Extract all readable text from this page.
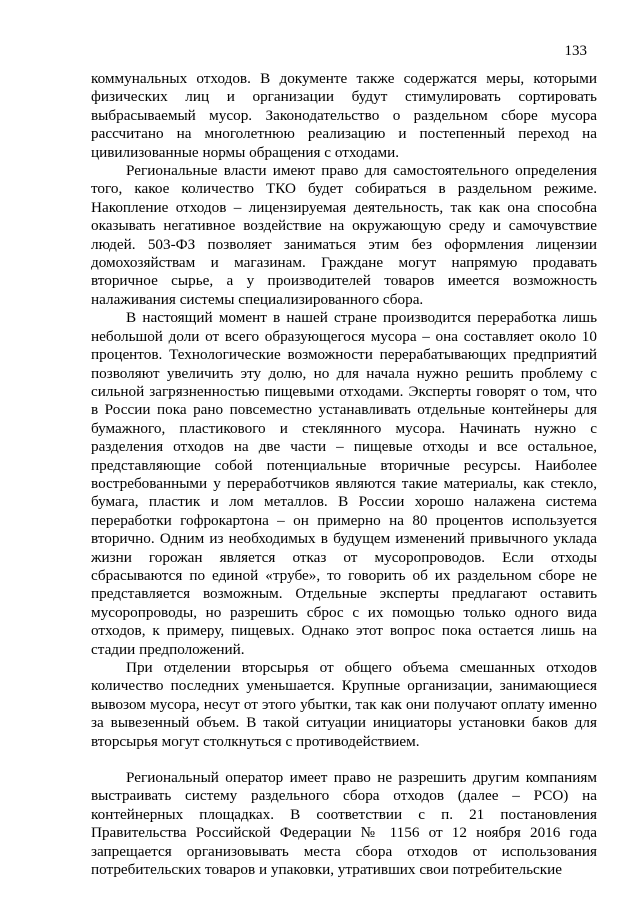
133

коммунальных отходов. В документе также содержатся меры, которыми физических лиц и организации будут стимулировать сортировать выбрасываемый мусор. Законодательство о раздельном сборе мусора рассчитано на многолетнюю реализацию и постепенный переход на цивилизованные нормы обращения с отходами.

Региональные власти имеют право для самостоятельного определения того, какое количество ТКО будет собираться в раздельном режиме. Накопление отходов – лицензируемая деятельность, так как она способна оказывать негативное воздействие на окружающую среду и самочувствие людей. 503-ФЗ позволяет заниматься этим без оформления лицензии домохозяйствам и магазинам. Граждане могут напрямую продавать вторичное сырье, а у производителей товаров имеется возможность налаживания системы специализированного сбора.

В настоящий момент в нашей стране производится переработка лишь небольшой доли от всего образующегося мусора – она составляет около 10 процентов. Технологические возможности перерабатывающих предприятий позволяют увеличить эту долю, но для начала нужно решить проблему с сильной загрязненностью пищевыми отходами. Эксперты говорят о том, что в России пока рано повсеместно устанавливать отдельные контейнеры для бумажного, пластикового и стеклянного мусора. Начинать нужно с разделения отходов на две части – пищевые отходы и все остальное, представляющие собой потенциальные вторичные ресурсы. Наиболее востребованными у переработчиков являются такие материалы, как стекло, бумага, пластик и лом металлов. В России хорошо налажена система переработки гофрокартона – он примерно на 80 процентов используется вторично. Одним из необходимых в будущем изменений привычного уклада жизни горожан является отказ от мусоропроводов. Если отходы сбрасываются по единой «трубе», то говорить об их раздельном сборе не представляется возможным. Отдельные эксперты предлагают оставить мусоропроводы, но разрешить сброс с их помощью только одного вида отходов, к примеру, пищевых. Однако этот вопрос пока остается лишь на стадии предположений.

При отделении вторсырья от общего объема смешанных отходов количество последних уменьшается. Крупные организации, занимающиеся вывозом мусора, несут от этого убытки, так как они получают оплату именно за вывезенный объем. В такой ситуации инициаторы установки баков для вторсырья могут столкнуться с противодействием.

Региональный оператор имеет право не разрешить другим компаниям выстраивать систему раздельного сбора отходов (далее – РСО) на контейнерных площадках. В соответствии с п. 21 постановления Правительства Российской Федерации № 1156 от 12 ноября 2016 года запрещается организовывать места сбора отходов от использования потребительских товаров и упаковки, утративших свои потребительские
